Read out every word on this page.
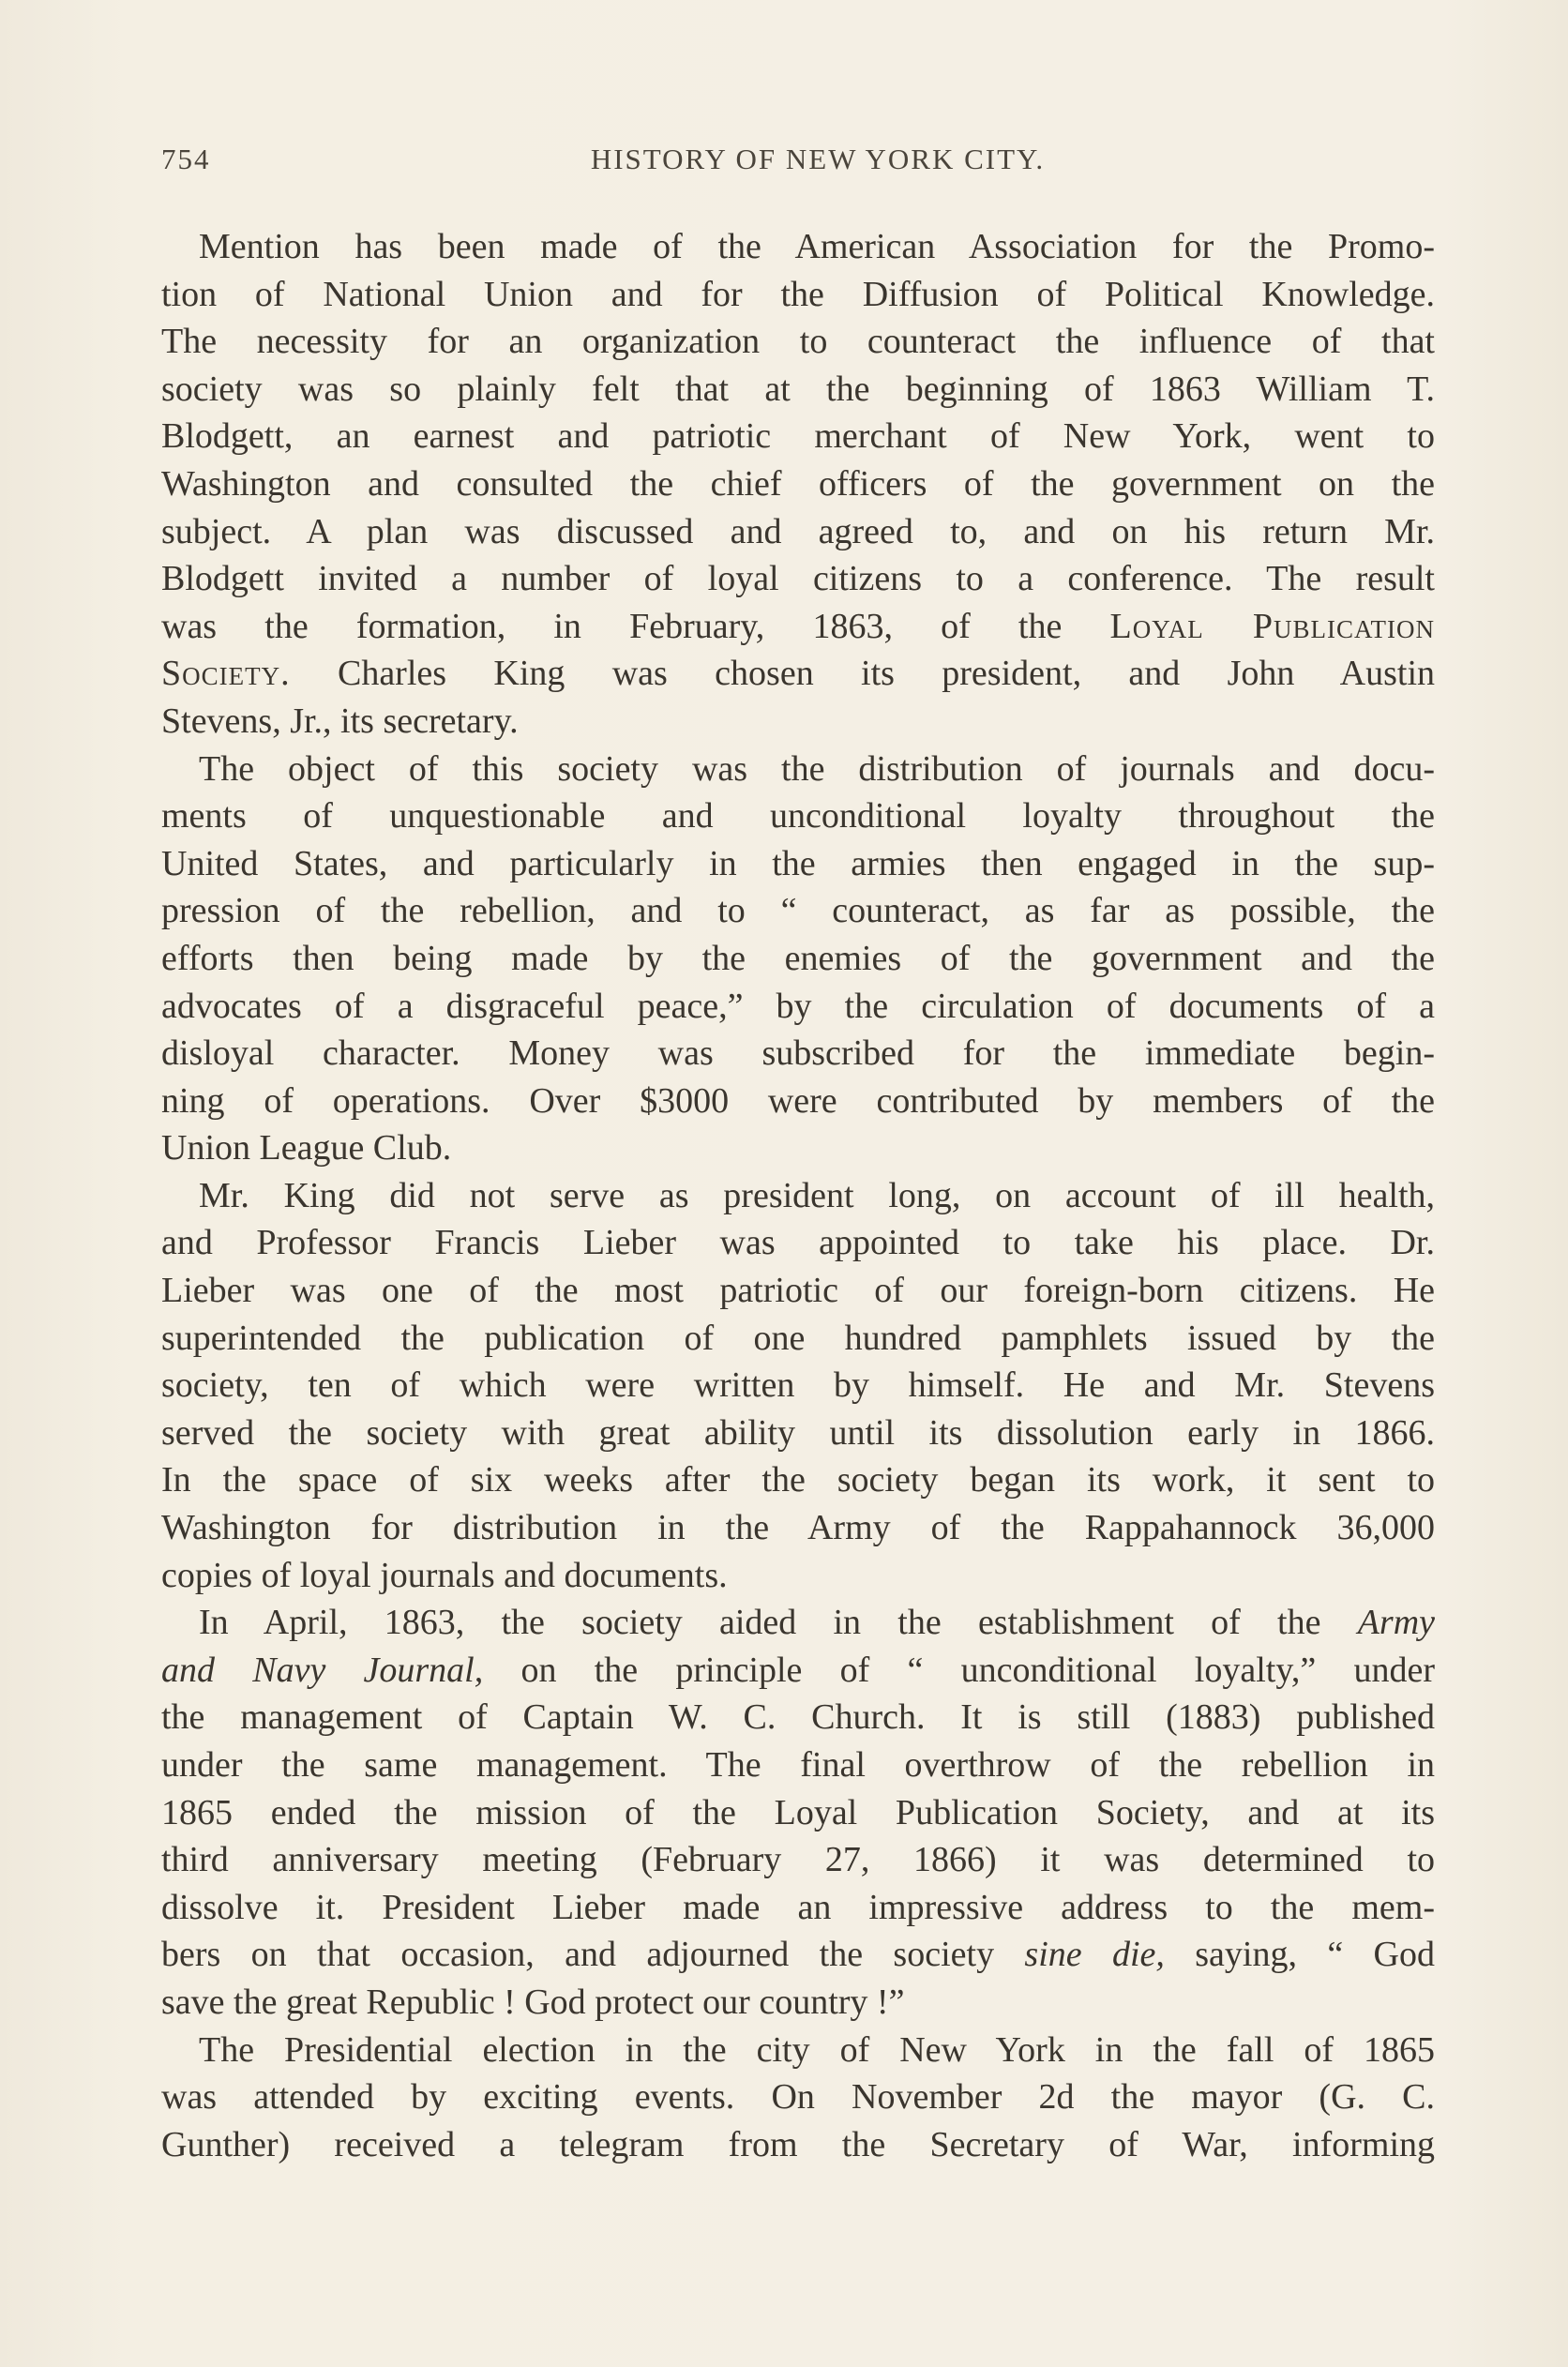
754	HISTORY OF NEW YORK CITY.
Mention has been made of the American Association for the Promo-
tion of National Union and for the Diffusion of Political Knowledge.
The necessity for an organization to counteract the influence of that
society was so plainly felt that at the beginning of 1863 William T.
Blodgett, an earnest and patriotic merchant of New York, went to
Washington and consulted the chief officers of the government on the
subject. A plan was discussed and agreed to, and on his return Mr.
Blodgett invited a number of loyal citizens to a conference. The result
was the formation, in February, 1863, of the Loyal Publication
Society. Charles King was chosen its president, and John Austin
Stevens, Jr., its secretary.
The object of this society was the distribution of journals and docu-
ments of unquestionable and unconditional loyalty throughout the
United States, and particularly in the armies then engaged in the sup-
pression of the rebellion, and to “ counteract, as far as possible, the
efforts then being made by the enemies of the government and the
advocates of a disgraceful peace,” by the circulation of documents of a
disloyal character. Money was subscribed for the immediate begin-
ning of operations. Over $3000 were contributed by members of the
Union League Club.
Mr. King did not serve as president long, on account of ill health,
and Professor Francis Lieber was appointed to take his place. Dr.
Lieber was one of the most patriotic of our foreign-born citizens. He
superintended the publication of one hundred pamphlets issued by the
society, ten of which were written by himself. He and Mr. Stevens
served the society with great ability until its dissolution early in 1866.
In the space of six weeks after the society began its work, it sent to
Washington for distribution in the Army of the Rappahannock 36,000
copies of loyal journals and documents.
In April, 1863, the society aided in the establishment of the Army
and Navy Journal, on the principle of “ unconditional loyalty,” under
the management of Captain W. C. Church. It is still (1883) published
under the same management. The final overthrow of the rebellion in
1865 ended the mission of the Loyal Publication Society, and at its
third anniversary meeting (February 27, 1866) it was determined to
dissolve it. President Lieber made an impressive address to the mem-
bers on that occasion, and adjourned the society sine die, saying, “ God
save the great Republic ! God protect our country !”
The Presidential election in the city of New York in the fall of 1865
was attended by exciting events. On November 2d the mayor (G. C.
Gunther) received a telegram from the Secretary of War, informing
